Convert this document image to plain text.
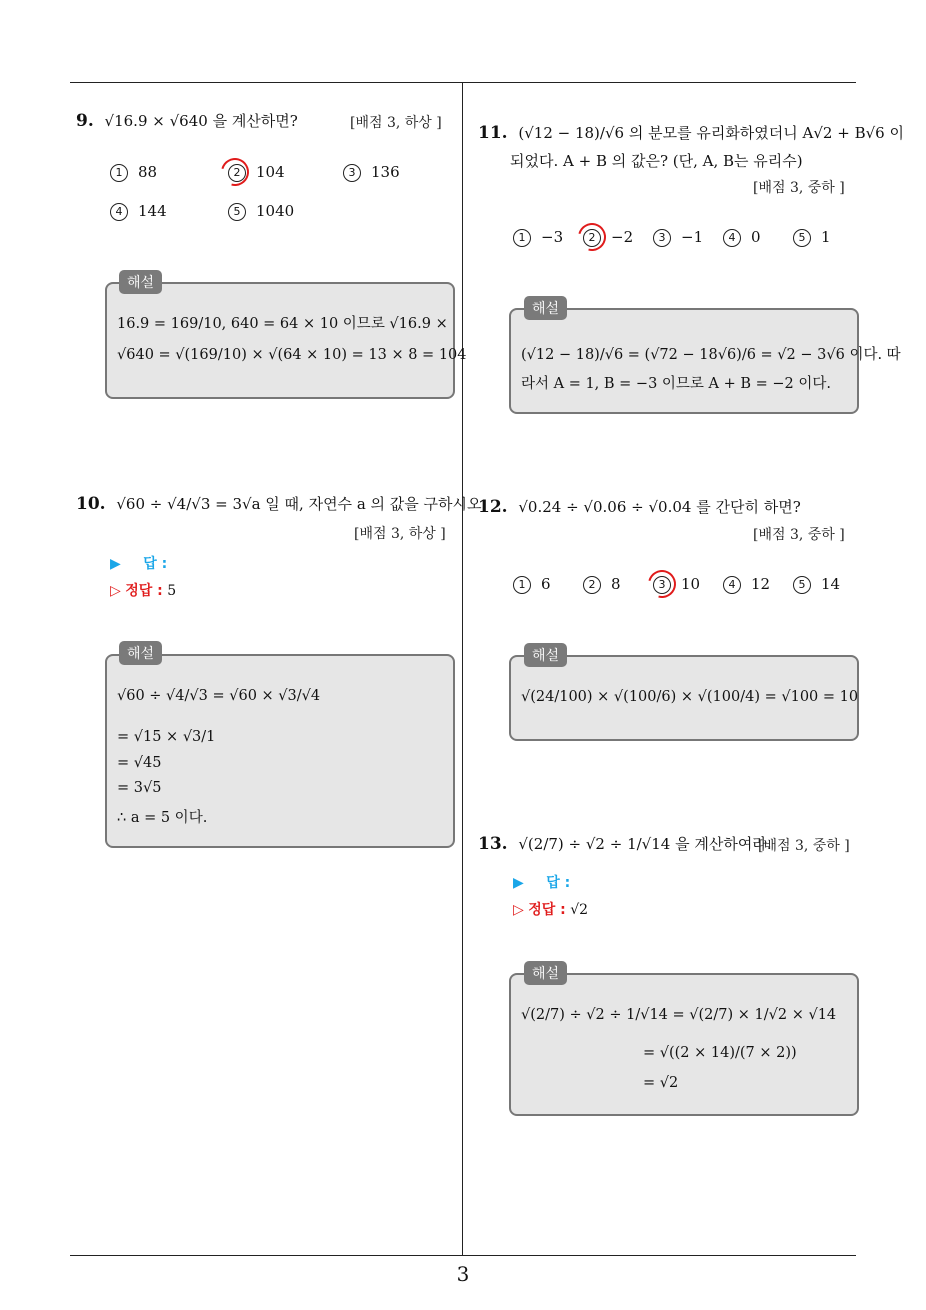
3
9. √16.9 × √640 을 계산하면?	[배점 3, 하상 ]
1 88	2 104	3 136
4 144	5 1040
해설
16.9 = 169/10, 640 = 64 × 10 이므로 √16.9 ×
√640 = √(169/10) × √(64 × 10) = 13 × 8 = 104
10. √60 ÷ √4/√3 = 3√a 일 때, 자연수 a 의 값을 구하시오.
[배점 3, 하상 ]
▶ 답 :
▷ 정답 : 5
해설
√60 ÷ √4/√3 = √60 × √3/√4
= √15 × √3/1
= √45
= 3√5
∴ a = 5 이다.
11. (√12 − 18)/√6 의 분모를 유리화하였더니 A√2 + B√6 이
되었다. A + B 의 값은? (단, A, B는 유리수)
[배점 3, 중하 ]
1 −3	2 −2	3 −1	4 0	5 1
해설
(√12 − 18)/√6 = (√72 − 18√6)/6 = √2 − 3√6 이다. 따
라서 A = 1, B = −3 이므로 A + B = −2 이다.
12. √0.24 ÷ √0.06 ÷ √0.04 를 간단히 하면?
[배점 3, 중하 ]
1 6	2 8	3 10	4 12	5 14
해설
√(24/100) × √(100/6) × √(100/4) = √100 = 10
13. √(2/7) ÷ √2 ÷ 1/√14 을 계산하여라.
[배점 3, 중하 ]
▶ 답 :
▷ 정답 : √2
해설
√(2/7) ÷ √2 ÷ 1/√14 = √(2/7) × 1/√2 × √14
= √((2 × 14)/(7 × 2))
= √2
